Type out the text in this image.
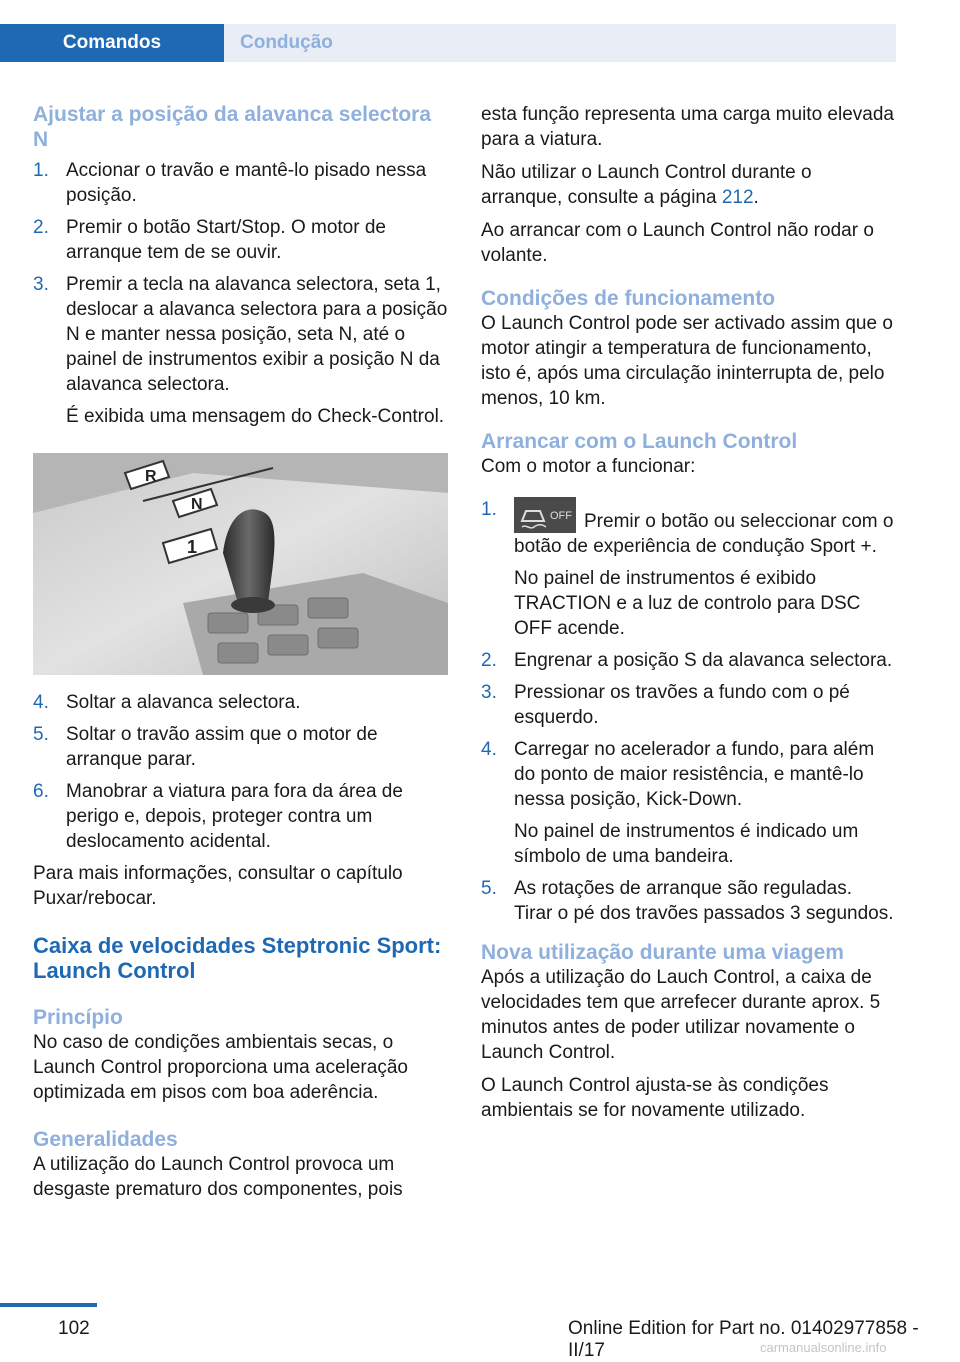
Comandos	Condução
Ajustar a posição da alavanca selectora N
1. Accionar o travão e mantê-lo pisado nessa posição.

2. Premir o botão Start/Stop. O motor de arranque tem de se ouvir.

3. Premir a tecla na alavanca selectora, seta 1, deslocar a alavanca selectora para a posição N e manter nessa posição, seta N, até o painel de instrumentos exibir a posição N da alavanca selectora.

É exibida uma mensagem do Check-Control.

R
N
1
4. Soltar a alavanca selectora.

5. Soltar o travão assim que o motor de arranque parar.

6. Manobrar a viatura para fora da área de perigo e, depois, proteger contra um deslocamento acidental.

Para mais informações, consultar o capítulo Puxar/rebocar.

Caixa de velocidades Steptronic Sport: Launch Control
Princípio

No caso de condições ambientais secas, o Launch Control proporciona uma aceleração optimizada em pisos com boa aderência.

Generalidades

A utilização do Launch Control provoca um desgaste prematuro dos componentes, pois

esta função representa uma carga muito elevada para a viatura.

Não utilizar o Launch Control durante o arranque, consulte a página 212.

Ao arrancar com o Launch Control não rodar o volante.

Condições de funcionamento

O Launch Control pode ser activado assim que o motor atingir a temperatura de funcionamento, isto é, após uma circulação ininterrupta de, pelo menos, 10 km.

Arrancar com o Launch Control

Com o motor a funcionar:

1.	OFF Premir o botão ou seleccionar com o botão de experiência de condução Sport +.

No painel de instrumentos é exibido TRACTION e a luz de controlo para DSC OFF acende.

2. Engrenar a posição S da alavanca selectora.

3. Pressionar os travões a fundo com o pé esquerdo.

4. Carregar no acelerador a fundo, para além do ponto de maior resistência, e mantê-lo nessa posição, Kick-Down.

No painel de instrumentos é indicado um símbolo de uma bandeira.

5. As rotações de arranque são reguladas. Tirar o pé dos travões passados 3 segundos.

Nova utilização durante uma viagem

Após a utilização do Lauch Control, a caixa de velocidades tem que arrefecer durante aprox. 5 minutos antes de poder utilizar novamente o Launch Control.

O Launch Control ajusta-se às condições ambientais se for novamente utilizado.

102	Online Edition for Part no. 01402977858 - II/17	carmanualsonline.info
